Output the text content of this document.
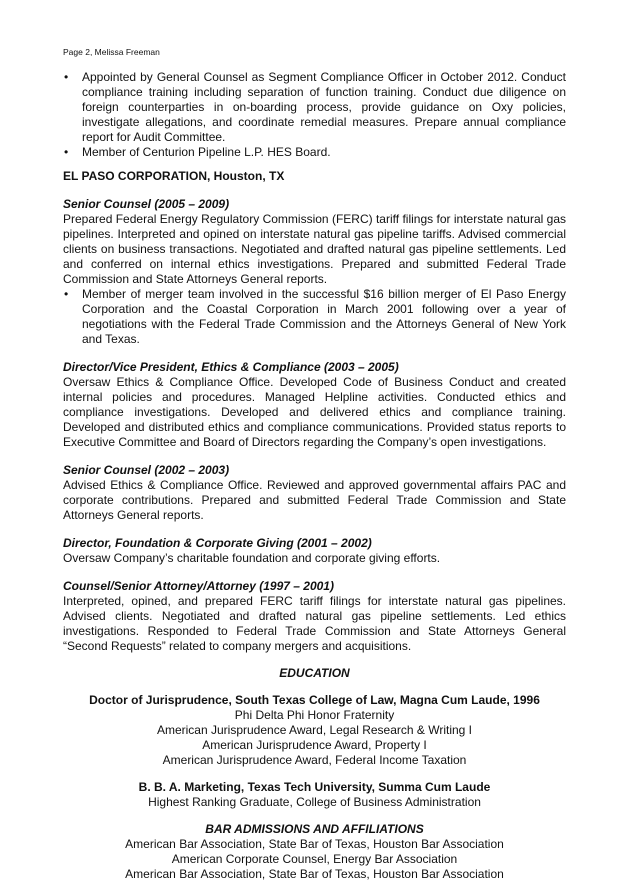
Page 2, Melissa Freeman
• Appointed by General Counsel as Segment Compliance Officer in October 2012. Conduct compliance training including separation of function training. Conduct due diligence on foreign counterparties in on-boarding process, provide guidance on Oxy policies, investigate allegations, and coordinate remedial measures. Prepare annual compliance report for Audit Committee.
• Member of Centurion Pipeline L.P. HES Board.
EL PASO CORPORATION, Houston, TX
Senior Counsel (2005 – 2009)
Prepared Federal Energy Regulatory Commission (FERC) tariff filings for interstate natural gas pipelines. Interpreted and opined on interstate natural gas pipeline tariffs. Advised commercial clients on business transactions. Negotiated and drafted natural gas pipeline settlements. Led and conferred on internal ethics investigations. Prepared and submitted Federal Trade Commission and State Attorneys General reports.
• Member of merger team involved in the successful $16 billion merger of El Paso Energy Corporation and the Coastal Corporation in March 2001 following over a year of negotiations with the Federal Trade Commission and the Attorneys General of New York and Texas.
Director/Vice President, Ethics & Compliance (2003 – 2005)
Oversaw Ethics & Compliance Office. Developed Code of Business Conduct and created internal policies and procedures. Managed Helpline activities. Conducted ethics and compliance investigations. Developed and delivered ethics and compliance training. Developed and distributed ethics and compliance communications. Provided status reports to Executive Committee and Board of Directors regarding the Company’s open investigations.
Senior Counsel (2002 – 2003)
Advised Ethics & Compliance Office. Reviewed and approved governmental affairs PAC and corporate contributions. Prepared and submitted Federal Trade Commission and State Attorneys General reports.
Director, Foundation & Corporate Giving (2001 – 2002)
Oversaw Company’s charitable foundation and corporate giving efforts.
Counsel/Senior Attorney/Attorney (1997 – 2001)
Interpreted, opined, and prepared FERC tariff filings for interstate natural gas pipelines. Advised clients. Negotiated and drafted natural gas pipeline settlements. Led ethics investigations. Responded to Federal Trade Commission and State Attorneys General “Second Requests” related to company mergers and acquisitions.
EDUCATION
Doctor of Jurisprudence, South Texas College of Law, Magna Cum Laude, 1996
Phi Delta Phi Honor Fraternity
American Jurisprudence Award, Legal Research & Writing I
American Jurisprudence Award, Property I
American Jurisprudence Award, Federal Income Taxation
B. B. A. Marketing, Texas Tech University, Summa Cum Laude
Highest Ranking Graduate, College of Business Administration
BAR ADMISSIONS AND AFFILIATIONS
American Bar Association, State Bar of Texas, Houston Bar Association
American Corporate Counsel, Energy Bar Association
American Bar Association, State Bar of Texas, Houston Bar Association
